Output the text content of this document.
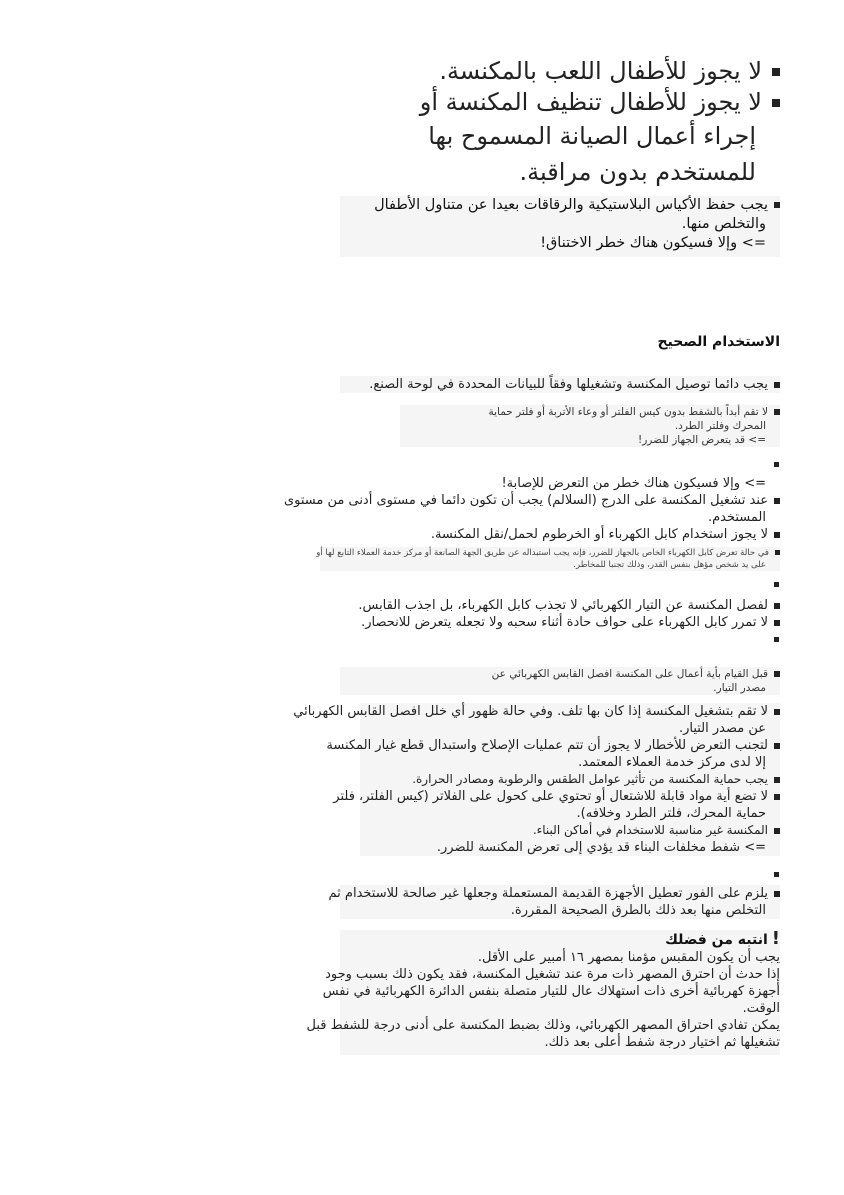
لا يجوز للأطفال اللعب بالمكنسة.
لا يجوز للأطفال تنظيف المكنسة أو
إجراء أعمال الصيانة المسموح بها
للمستخدم بدون مراقبة.
يجب حفظ الأكياس البلاستيكية والرقاقات بعيدا عن متناول الأطفال
والتخلص منها.
=> وإلا فسيكون هناك خطر الاختناق!
الاستخدام الصحيح
يجب دائما توصيل المكنسة وتشغيلها وفقاً للبيانات المحددة في لوحة الصنع.
لا تقم أبداً بالشفط بدون كيس الفلتر أو وعاء الأتربة أو فلتر حماية
المحرك وفلتر الطرد.
=> قد يتعرض الجهاز للضرر!
=> وإلا فسيكون هناك خطر من التعرض للإصابة!
عند تشغيل المكنسة على الدرج (السلالم) يجب أن تكون دائما في مستوى أدنى من مستوى
المستخدم.
لا يجوز استخدام كابل الكهرباء أو الخرطوم لحمل/نقل المكنسة.
في حالة تعرض كابل الكهرباء الخاص بالجهاز للضرر، فإنه يجب استبداله عن طريق الجهة الصانعة أو مركز خدمة العملاء التابع لها أو
على يد شخص مؤهل بنفس القدر، وذلك تجنبا للمخاطر.
لفصل المكنسة عن التيار الكهربائي لا تجذب كابل الكهرباء، بل اجذب القابس.
لا تمرر كابل الكهرباء على حواف حادة أثناء سحبه ولا تجعله يتعرض للانحصار.
قبل القيام بأية أعمال على المكنسة افصل القابس الكهربائي عن
مصدر التيار.
لا تقم بتشغيل المكنسة إذا كان بها تلف. وفي حالة ظهور أي خلل افصل القابس الكهربائي
عن مصدر التيار.
لتجنب التعرض للأخطار لا يجوز أن تتم عمليات الإصلاح واستبدال قطع غيار المكنسة
إلا لدى مركز خدمة العملاء المعتمد.
يجب حماية المكنسة من تأثير عوامل الطقس والرطوبة ومصادر الحرارة.
لا تضع أية مواد قابلة للاشتعال أو تحتوي على كحول على الفلاتر (كيس الفلتر، فلتر
حماية المحرك، فلتر الطرد وخلافه).
المكنسة غير مناسبة للاستخدام في أماكن البناء.
=> شفط مخلفات البناء قد يؤدي إلى تعرض المكنسة للضرر.
يلزم على الفور تعطيل الأجهزة القديمة المستعملة وجعلها غير صالحة للاستخدام ثم
التخلص منها بعد ذلك بالطرق الصحيحة المقررة.
!انتبه من فضلك
يجب أن يكون المقبس مؤمنا بمصهر ١٦ أمبير على الأقل.
إذا حدث أن احترق المصهر ذات مرة عند تشغيل المكنسة، فقد يكون ذلك بسبب وجود
أجهزة كهربائية أخرى ذات استهلاك عال للتيار متصلة بنفس الدائرة الكهربائية في نفس
الوقت.
يمكن تفادي احتراق المصهر الكهربائي، وذلك بضبط المكنسة على أدنى درجة للشفط قبل
تشغيلها ثم اختيار درجة شفط أعلى بعد ذلك.
